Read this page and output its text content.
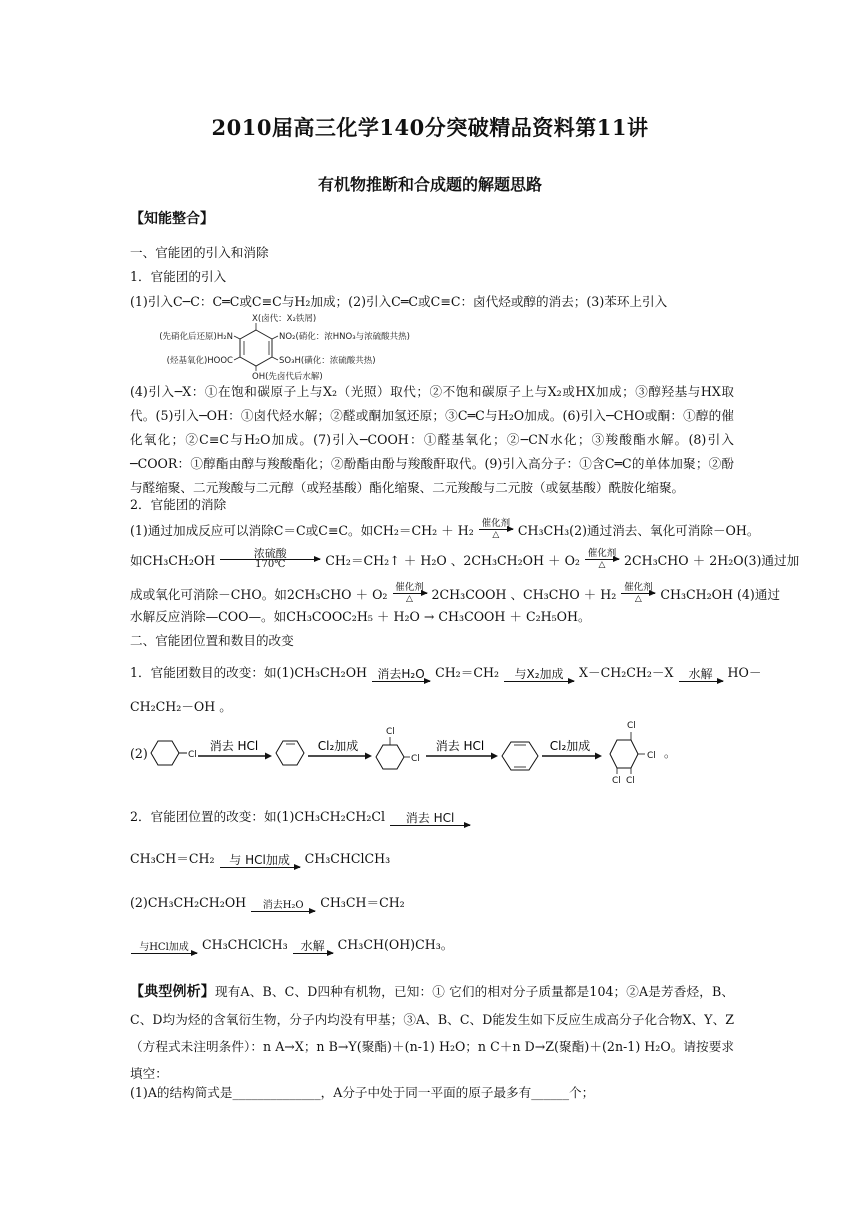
2010届高三化学140分突破精品资料第11讲
有机物推断和合成题的解题思路
【知能整合】
一、官能团的引入和消除
1．官能团的引入
(1)引入C─C：C═C或C≡C与H₂加成；(2)引入C═C或C≡C：卤代烃或醇的消去；(3)苯环上引入
X(卤代：X₂铁屑)
(先硝化后还原)H₂N
(烃基氧化)HOOC
NO₂(硝化：浓HNO₃与浓硫酸共热)
SO₃H(磺化：浓硫酸共热)
OH(先卤代后水解)
(4)引入─X：①在饱和碳原子上与X₂（光照）取代；②不饱和碳原子上与X₂或HX加成；③醇羟基与HX取代。(5)引入─OH：①卤代烃水解；②醛或酮加氢还原；③C═C与H₂O加成。(6)引入─CHO或酮：①醇的催化氧化；②C≡C与H₂O加成。(7)引入─COOH：①醛基氧化；②─CN水化；③羧酸酯水解。(8)引入─COOR：①醇酯由醇与羧酸酯化；②酚酯由酚与羧酸酐取代。(9)引入高分子：①含C═C的单体加聚；②酚与醛缩聚、二元羧酸与二元醇（或羟基酸）酯化缩聚、二元羧酸与二元胺（或氨基酸）酰胺化缩聚。
2．官能团的消除
(1)通过加成反应可以消除C＝C或C≡C。如CH₂＝CH₂ ＋ H₂ 催化剂
△	CH₃CH₃(2)通过消去、氧化可消除－OH。
如CH₃CH₂OH	浓硫酸
170℃	CH₂＝CH₂↑ ＋ H₂O 、2CH₃CH₂OH ＋ O₂ 催化剂
△	2CH₃CHO ＋ 2H₂O(3)通过加
成或氧化可消除－CHO。如2CH₃CHO ＋ O₂ 催化剂
△	2CH₃COOH 、CH₃CHO ＋ H₂ 催化剂
△	CH₃CH₂OH (4)通过
水解反应消除—COO—。如CH₃COOC₂H₅ ＋ H₂O → CH₃COOH ＋ C₂H₅OH。
二、官能团位置和数目的改变
1．官能团数目的改变：如(1)CH₃CH₂OH 消去H₂O CH₂＝CH₂	与X₂加成	X－CH₂CH₂－X	水解	HO－
CH₂CH₂－OH 。
(2)	Cl
消去 HCl	Cl₂加成
Cl
Cl
消去 HCl	Cl₂加成
Cl
Cl
Cl Cl
。
2．官能团位置的改变：如(1)CH₃CH₂CH₂Cl	消去 HCl
CH₃CH＝CH₂	与 HCl加成	CH₃CHClCH₃
(2)CH₃CH₂CH₂OH	消去H₂O	CH₃CH＝CH₂
与HCl加成	CH₃CHClCH₃	水解	CH₃CH(OH)CH₃。
【典型例析】现有A、B、C、D四种有机物，已知：① 它们的相对分子质量都是104；②A是芳香烃，B、C、D均为烃的含氧衍生物，分子内均没有甲基；③A、B、C、D能发生如下反应生成高分子化合物X、Y、Z（方程式未注明条件）：n A→X；n B→Y(聚酯)＋(n-1) H₂O；n C＋n D→Z(聚酯)＋(2n-1) H₂O。请按要求填空：
(1)A的结构简式是______________，A分子中处于同一平面的原子最多有______个；
